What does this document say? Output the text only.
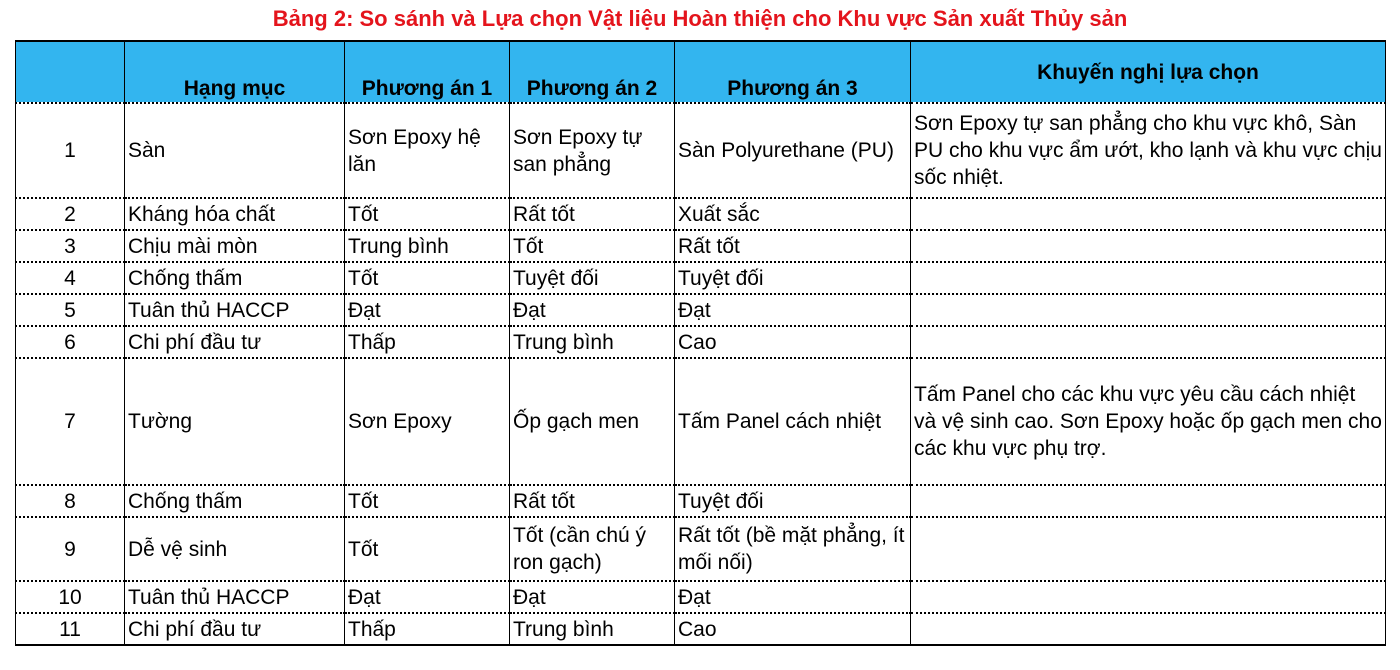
Bảng 2: So sánh và Lựa chọn Vật liệu Hoàn thiện cho Khu vực Sản xuất Thủy sản
	Hạng mục	Phương án 1	Phương án 2	Phương án 3	Khuyến nghị lựa chọn
1	Sàn	Sơn Epoxy hệ lăn	Sơn Epoxy tự san phẳng	Sàn Polyurethane (PU)	Sơn Epoxy tự san phẳng cho khu vực khô, Sàn PU cho khu vực ẩm ướt, kho lạnh và khu vực chịu sốc nhiệt.
2	Kháng hóa chất	Tốt	Rất tốt	Xuất sắc	
3	Chịu mài mòn	Trung bình	Tốt	Rất tốt	
4	Chống thấm	Tốt	Tuyệt đối	Tuyệt đối	
5	Tuân thủ HACCP	Đạt	Đạt	Đạt	
6	Chi phí đầu tư	Thấp	Trung bình	Cao	
7	Tường	Sơn Epoxy	Ốp gạch men	Tấm Panel cách nhiệt	Tấm Panel cho các khu vực yêu cầu cách nhiệt và vệ sinh cao. Sơn Epoxy hoặc ốp gạch men cho các khu vực phụ trợ.
8	Chống thấm	Tốt	Rất tốt	Tuyệt đối	
9	Dễ vệ sinh	Tốt	Tốt (cần chú ý ron gạch)	Rất tốt (bề mặt phẳng, ít mối nối)	
10	Tuân thủ HACCP	Đạt	Đạt	Đạt	
11	Chi phí đầu tư	Thấp	Trung bình	Cao	
